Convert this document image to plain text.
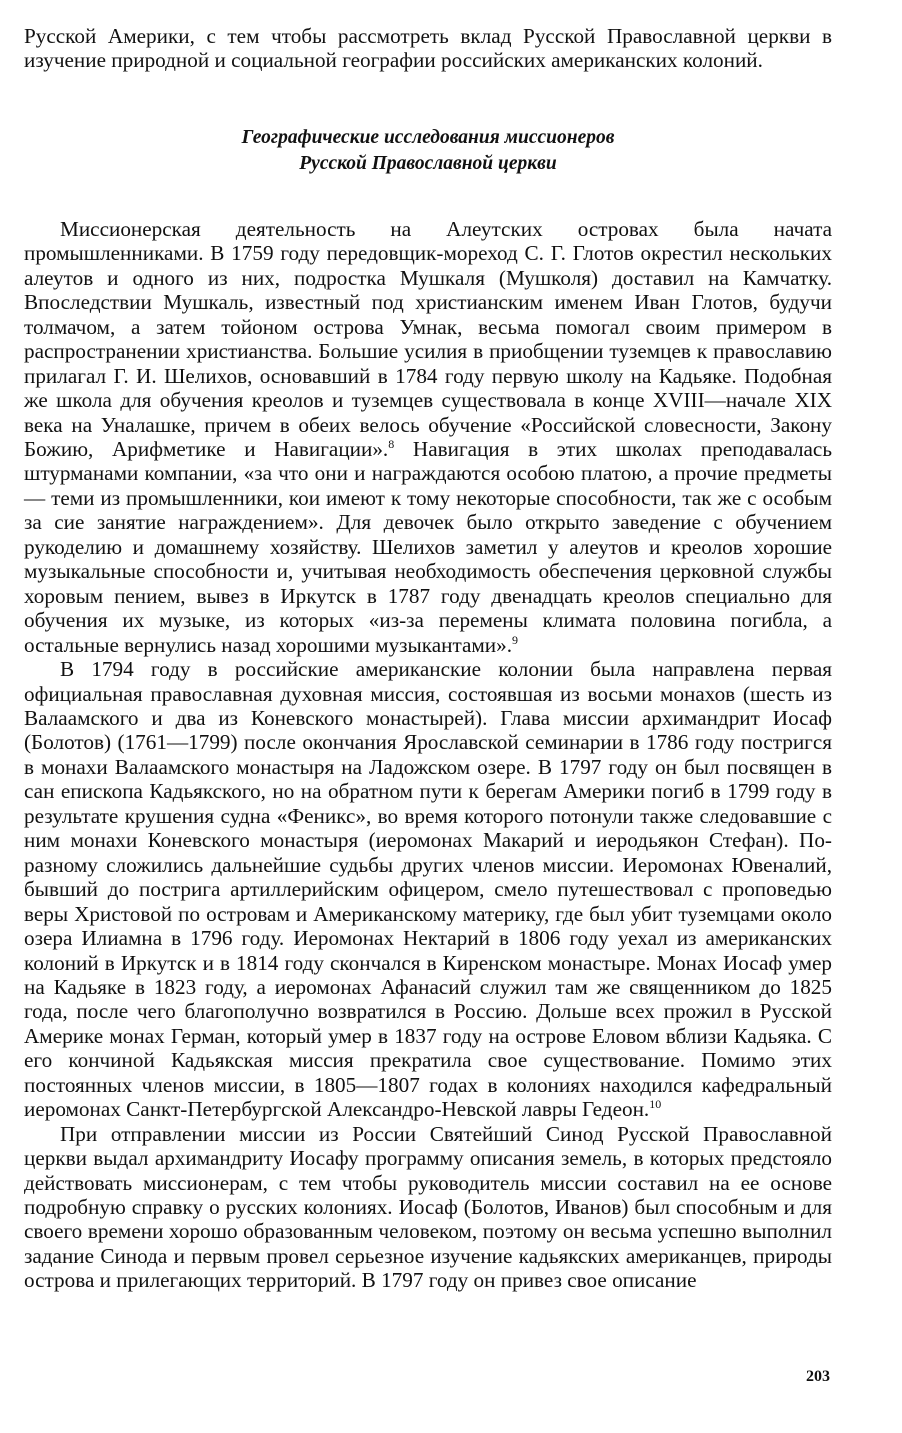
Русской Америки, с тем чтобы рассмотреть вклад Русской Православной церкви в изучение природной и социальной географии российских американских колоний.

Географические исследования миссионеров
Русской Православной церкви

Миссионерская деятельность на Алеутских островах была начата промышленниками. В 1759 году передовщик-мореход С. Г. Глотов окрестил нескольких алеутов и одного из них, подростка Мушкаля (Мушколя) доставил на Камчатку. Впоследствии Мушкаль, известный под христианским именем Иван Глотов, будучи толмачом, а затем тойоном острова Умнак, весьма помогал своим примером в распространении христианства. Большие усилия в приобщении туземцев к православию прилагал Г. И. Шелихов, основавший в 1784 году первую школу на Кадьяке. Подобная же школа для обучения креолов и туземцев существовала в конце XVIII—начале XIX века на Уналашке, причем в обеих велось обучение «Российской словесности, Закону Божию, Арифметике и Навигации».$^8$ Навигация в этих школах преподавалась штурманами компании, «за что они и награждаются особою платою, а прочие предметы — теми из промышленники, кои имеют к тому некоторые способности, так же с особым за сие занятие награждением». Для девочек было открыто заведение с обучением рукоделию и домашнему хозяйству. Шелихов заметил у алеутов и креолов хорошие музыкальные способности и, учитывая необходимость обеспечения церковной службы хоровым пением, вывез в Иркутск в 1787 году двенадцать креолов специально для обучения их музыке, из которых «из-за перемены климата половина погибла, а остальные вернулись назад хорошими музыкантами».$^9$

В 1794 году в российские американские колонии была направлена первая официальная православная духовная миссия, состоявшая из восьми монахов (шесть из Валаамского и два из Коневского монастырей). Глава миссии архимандрит Иосаф (Болотов) (1761—1799) после окончания Ярославской семинарии в 1786 году постригся в монахи Валаамского монастыря на Ладожском озере. В 1797 году он был посвящен в сан епископа Кадьякского, но на обратном пути к берегам Америки погиб в 1799 году в результате крушения судна «Феникс», во время которого потонули также следовавшие с ним монахи Коневского монастыря (иеромонах Макарий и иеродьякон Стефан). По-разному сложились дальнейшие судьбы других членов миссии. Иеромонах Ювеналий, бывший до пострига артиллерийским офицером, смело путешествовал с проповедью веры Христовой по островам и Американскому материку, где был убит туземцами около озера Илиамна в 1796 году. Иеромонах Нектарий в 1806 году уехал из американских колоний в Иркутск и в 1814 году скончался в Киренском монастыре. Монах Иосаф умер на Кадьяке в 1823 году, а иеромонах Афанасий служил там же священником до 1825 года, после чего благополучно возвратился в Россию. Дольше всех прожил в Русской Америке монах Герман, который умер в 1837 году на острове Еловом вблизи Кадьяка. С его кончиной Кадьякская миссия прекратила свое существование. Помимо этих постоянных членов миссии, в 1805—1807 годах в колониях находился кафедральный иеромонах Санкт-Петербургской Александро-Невской лавры Гедеон.$^{10}$

При отправлении миссии из России Святейший Синод Русской Православной церкви выдал архимандриту Иосафу программу описания земель, в которых предстояло действовать миссионерам, с тем чтобы руководитель миссии составил на ее основе подробную справку о русских колониях. Иосаф (Болотов, Иванов) был способным и для своего времени хорошо образованным человеком, поэтому он весьма успешно выполнил задание Синода и первым провел серьезное изучение кадьякских американцев, природы острова и прилегающих территорий. В 1797 году он привез свое описание

203
